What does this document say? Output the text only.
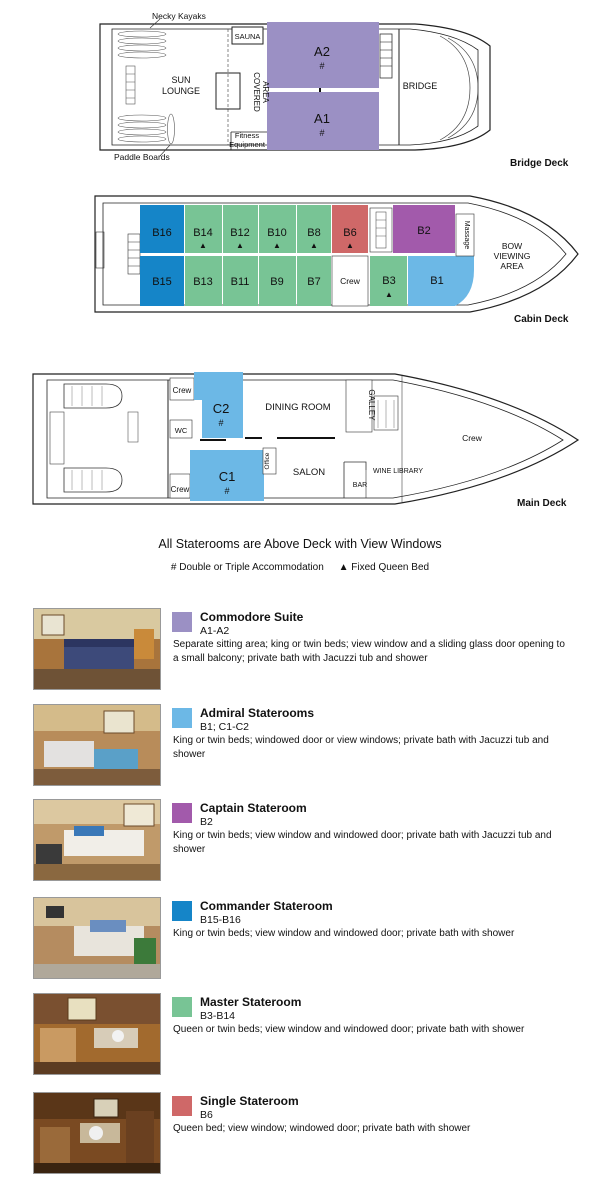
Necky Kayaks
SUN
LOUNGE
Paddle Boards
SAUNA
COVERED AREA
Fitness
Equipment
BRIDGE
A2
#
A1
#
B16 B14
▲
B12
▲
B10
▲
B8
▲
B6
▲
B2
B15 B13 B11 B9 B7 Crew B3
▲
B1
Massage	BOW
VIEWING
AREA
Crew
WC
Crew
C2
#
C1
#
Office
DINING ROOM
SALON
GALLEY
BAR
WINE LIBRARY
Crew
Bridge Deck
Cabin Deck
Main Deck
All Staterooms are Above Deck with View Windows
# Double or Triple Accommodation ▲ Fixed Queen Bed
Commodore Suite
A1-A2
Separate sitting area; king or twin beds; view window and a sliding glass door opening to a small balcony; private bath with Jacuzzi tub and shower
Admiral Staterooms
B1; C1-C2
King or twin beds; windowed door or view windows; private bath with Jacuzzi tub and shower
Captain Stateroom
B2
King or twin beds; view window and windowed door; private bath with Jacuzzi tub and shower
Commander Stateroom
B15-B16
King or twin beds; view window and windowed door; private bath with shower
Master Stateroom
B3-B14
Queen or twin beds; view window and windowed door; private bath with shower
Single Stateroom
B6
Queen bed; view window; windowed door; private bath with shower
